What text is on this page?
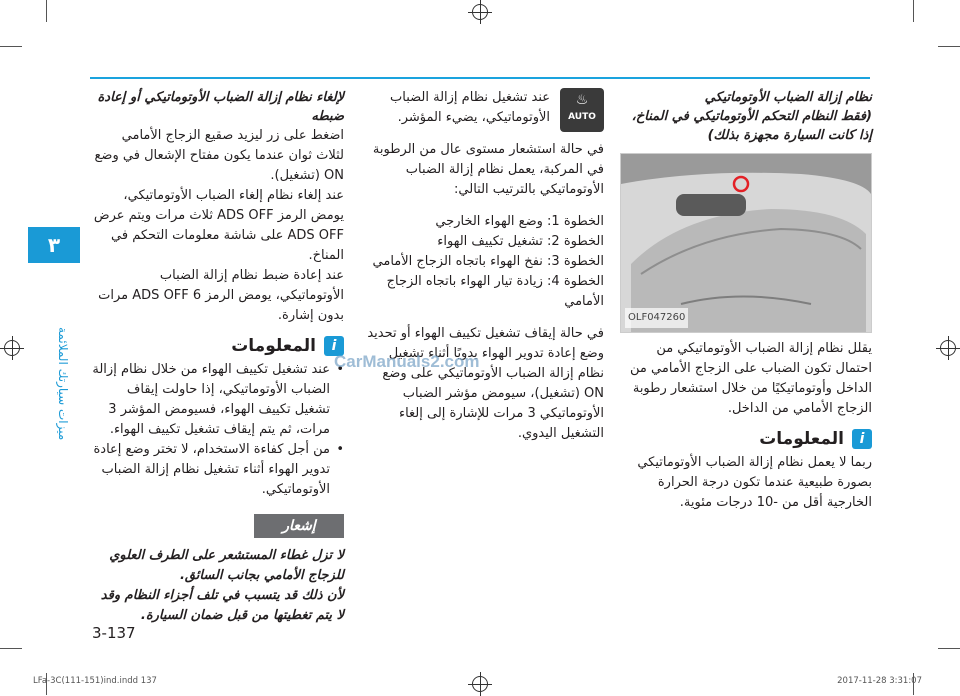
٣
ميزات سيارتك الملائمة

نظام إزالة الضباب الأوتوماتيكي

(فقط النظام التحكم الأوتوماتيكي في المناخ، إذا كانت السيارة مجهزة بذلك)

OLF047260

يقلل نظام إزالة الضباب الأوتوماتيكي من احتمال تكون الضباب على الزجاج الأمامي من الداخل وأوتوماتيكيًا من خلال استشعار رطوبة الزجاج الأمامي من الداخل.

i
المعلومات

ربما لا يعمل نظام إزالة الضباب الأوتوماتيكي بصورة طبيعية عندما تكون درجة الحرارة الخارجية أقل من -10 درجات مئوية.

♨
AUTO

عند تشغيل نظام إزالة الضباب الأوتوماتيكي، يضيء المؤشر.

في حالة استشعار مستوى عال من الرطوبة في المركبة، يعمل نظام إزالة الضباب الأوتوماتيكي بالترتيب التالي:

الخطوة 1: وضع الهواء الخارجي

الخطوة 2: تشغيل تكييف الهواء

الخطوة 3: نفخ الهواء باتجاه الزجاج الأمامي

الخطوة 4: زيادة تيار الهواء باتجاه الزجاج الأمامي

في حالة إيقاف تشغيل تكييف الهواء أو تحديد وضع إعادة تدوير الهواء يدويًا أثناء تشغيل نظام إزالة الضباب الأوتوماتيكي على وضع ON (تشغيل)، سيومض مؤشر الضباب الأوتوماتيكي 3 مرات للإشارة إلى إلغاء التشغيل اليدوي.

لإلغاء نظام إزالة الضباب الأوتوماتيكي أو إعادة ضبطه

اضغط على زر ليزيد صقيع الزجاج الأمامي لثلاث ثوان عندما يكون مفتاح الإشعال في وضع ON (تشغيل).

عند إلغاء نظام إلغاء الضباب الأوتوماتيكي، يومض الرمز ADS OFF ثلاث مرات ويتم عرض ADS OFF على شاشة معلومات التحكم في المناخ.

عند إعادة ضبط نظام إزالة الضباب الأوتوماتيكي، يومض الرمز ADS OFF 6 مرات بدون إشارة.

i
المعلومات

• عند تشغيل تكييف الهواء من خلال نظام إزالة الضباب الأوتوماتيكي، إذا حاولت إيقاف تشغيل تكييف الهواء، فسيومض المؤشر 3 مرات، ثم يتم إيقاف تشغيل تكييف الهواء.

• من أجل كفاءة الاستخدام، لا تختر وضع إعادة تدوير الهواء أثناء تشغيل نظام إزالة الضباب الأوتوماتيكي.

إشعار

لا تزل غطاء المستشعر على الطرف العلوي للزجاج الأمامي بجانب السائق.

لأن ذلك قد يتسبب في تلف أجزاء النظام وقد لا يتم تغطيتها من قبل ضمان السيارة.

CarManuals2.com
3-137
LFa-3C(111-151)ind.indd 137	2017-11-28 3:31:07
